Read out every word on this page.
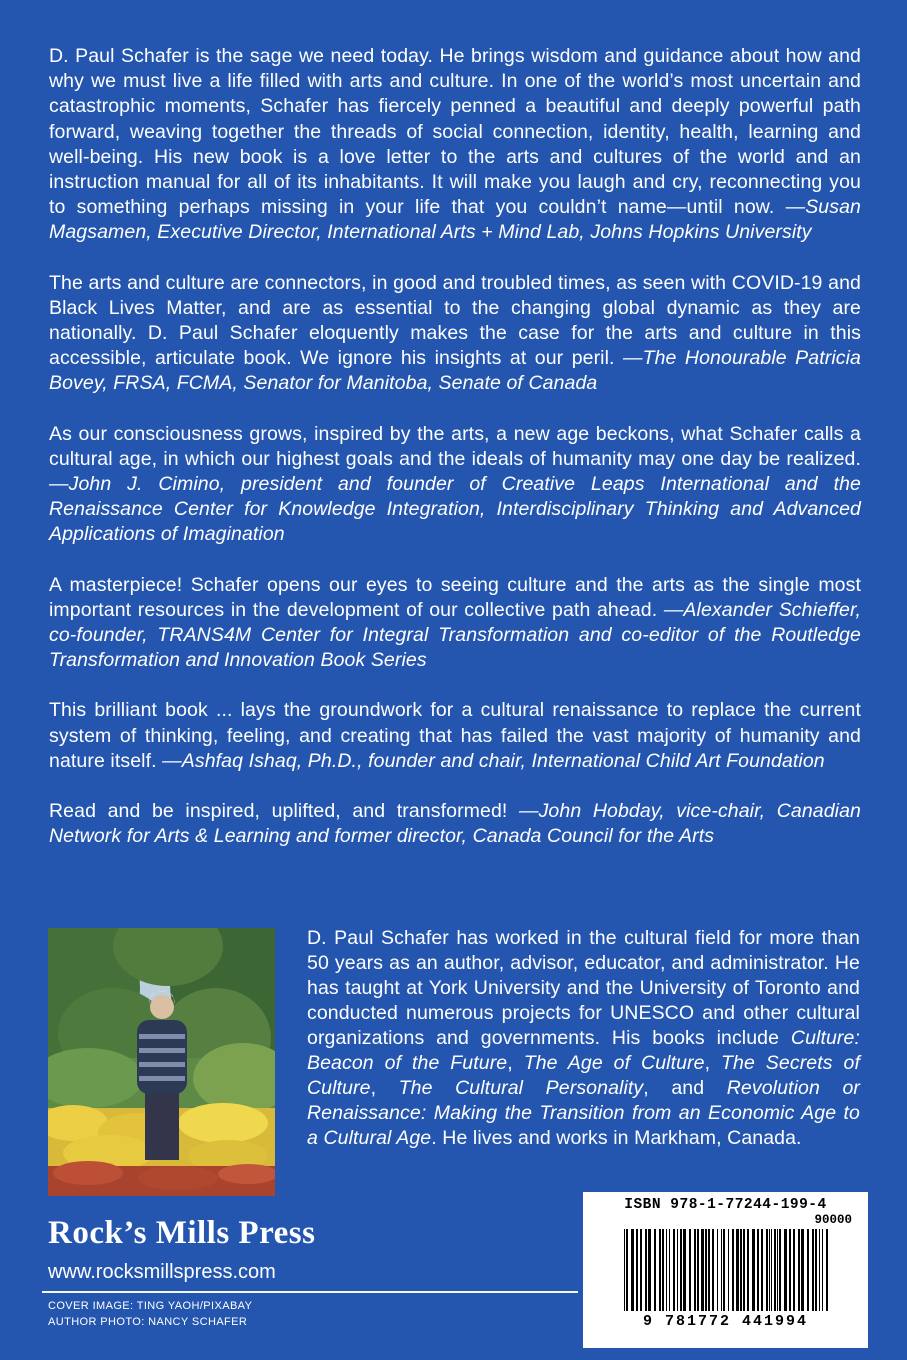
D. Paul Schafer is the sage we need today. He brings wisdom and guidance about how and why we must live a life filled with arts and culture. In one of the world’s most uncertain and catastrophic moments, Schafer has fiercely penned a beautiful and deeply powerful path forward, weaving together the threads of social connection, identity, health, learning and well-being. His new book is a love letter to the arts and cultures of the world and an instruction manual for all of its inhabitants. It will make you laugh and cry, reconnecting you to something perhaps missing in your life that you couldn’t name—until now. —Susan Magsamen, Executive Director, International Arts + Mind Lab, Johns Hopkins University

The arts and culture are connectors, in good and troubled times, as seen with COVID-19 and Black Lives Matter, and are as essential to the changing global dynamic as they are nationally. D. Paul Schafer eloquently makes the case for the arts and culture in this accessible, articulate book. We ignore his insights at our peril. —The Honourable Patricia Bovey, FRSA, FCMA, Senator for Manitoba, Senate of Canada

As our consciousness grows, inspired by the arts, a new age beckons, what Schafer calls a cultural age, in which our highest goals and the ideals of humanity may one day be realized. —John J. Cimino, president and founder of Creative Leaps International and the Renaissance Center for Knowledge Integration, Interdisciplinary Thinking and Advanced Applications of Imagination

A masterpiece! Schafer opens our eyes to seeing culture and the arts as the single most important resources in the development of our collective path ahead. —Alexander Schieffer, co-founder, TRANS4M Center for Integral Transformation and co-editor of the Routledge Transformation and Innovation Book Series

This brilliant book ... lays the groundwork for a cultural renaissance to replace the current system of thinking, feeling, and creating that has failed the vast majority of humanity and nature itself. —Ashfaq Ishaq, Ph.D., founder and chair, International Child Art Foundation

Read and be inspired, uplifted, and transformed! —John Hobday, vice-chair, Canadian Network for Arts & Learning and former director, Canada Council for the Arts

D. Paul Schafer has worked in the cultural field for more than 50 years as an author, advisor, educator, and administrator. He has taught at York University and the University of Toronto and conducted numerous projects for UNESCO and other cultural organizations and governments. His books include Culture: Beacon of the Future, The Age of Culture, The Secrets of Culture, The Cultural Personality, and Revolution or Renaissance: Making the Transition from an Economic Age to a Cultural Age. He lives and works in Markham, Canada.

Rock’s Mills Press
www.rocksmillspress.com
COVER IMAGE: TING YAOH/PIXABAY
AUTHOR PHOTO: NANCY SCHAFER
ISBN 978-1-77244-199-4
90000
9 781772 441994
